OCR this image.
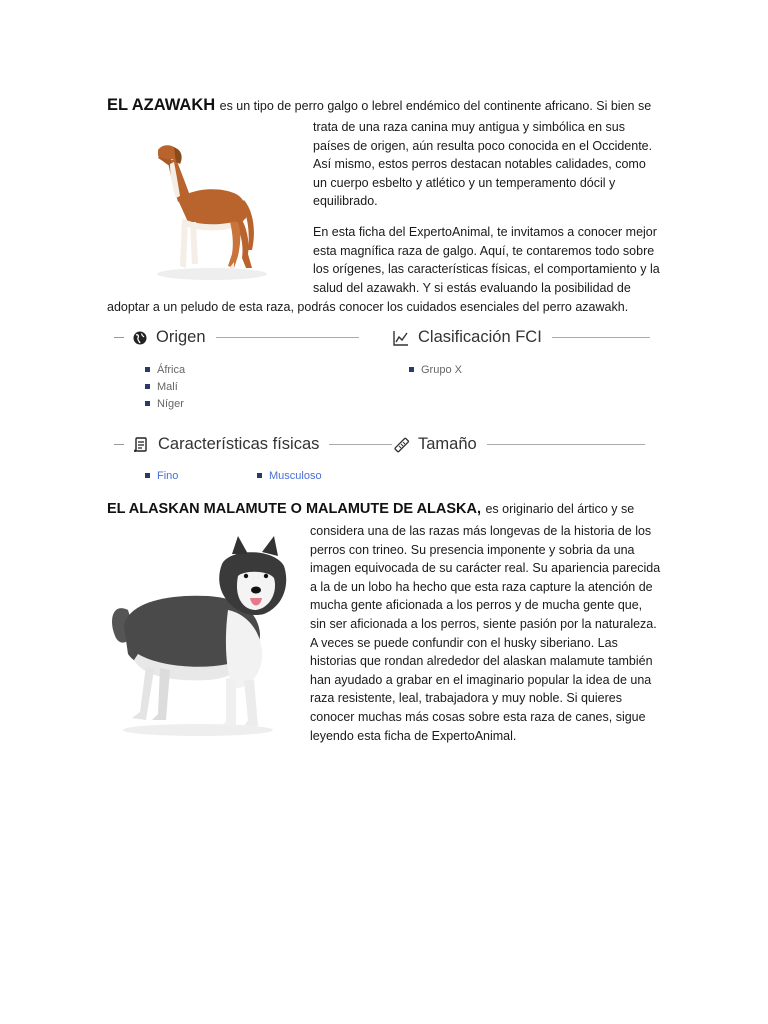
EL AZAWAKH es un tipo de perro galgo o lebrel endémico del continente africano. Si bien se
trata de una raza canina muy antigua y simbólica en sus
países de origen, aún resulta poco conocida en el Occidente.
Así mismo, estos perros destacan notables calidades, como
un cuerpo esbelto y atlético y un temperamento dócil y
equilibrado.
En esta ficha del ExpertoAnimal, te invitamos a conocer mejor
esta magnífica raza de galgo. Aquí, te contaremos todo sobre
los orígenes, las características físicas, el comportamiento y la
salud del azawakh. Y si estás evaluando la posibilidad de
adoptar a un peludo de esta raza, podrás conocer los cuidados esenciales del perro azawakh.
Origen	Clasificación FCI
África
Malí
Níger
Grupo X
Características físicas	Tamaño
Fino	Musculoso
EL ALASKAN MALAMUTE O MALAMUTE DE ALASKA, es originario del ártico y se
considera una de las razas más longevas de la historia de los
perros con trineo. Su presencia imponente y sobria da una
imagen equivocada de su carácter real. Su apariencia parecida
a la de un lobo ha hecho que esta raza capture la atención de
mucha gente aficionada a los perros y de mucha gente que,
sin ser aficionada a los perros, siente pasión por la naturaleza.
A veces se puede confundir con el husky siberiano. Las
historias que rondan alrededor del alaskan malamute también
han ayudado a grabar en el imaginario popular la idea de una
raza resistente, leal, trabajadora y muy noble. Si quieres
conocer muchas más cosas sobre esta raza de canes, sigue
leyendo esta ficha de ExpertoAnimal.
